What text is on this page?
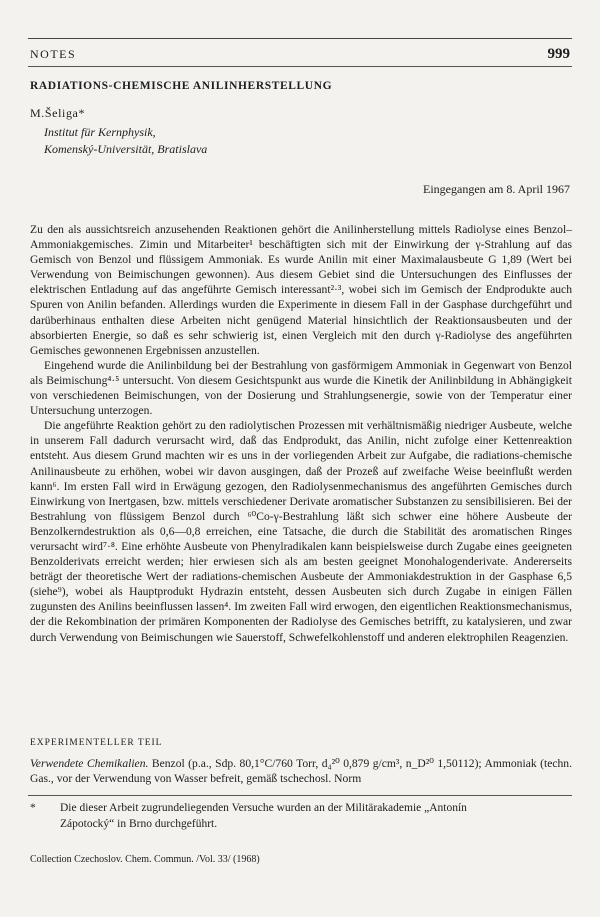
NOTES	999
RADIATIONS-CHEMISCHE ANILINHERSTELLUNG
M.Šeliga*
Institut für Kernphysik,
Komenský-Universität, Bratislava
Eingegangen am 8. April 1967

Zu den als aussichtsreich anzusehenden Reaktionen gehört die Anilinherstellung mittels Radiolyse eines Benzol–Ammoniakgemisches. Zimin und Mitarbeiter¹ beschäftigten sich mit der Einwirkung der γ-Strahlung auf das Gemisch von Benzol und flüssigem Ammoniak. Es wurde Anilin mit einer Maximalausbeute G 1,89 (Wert bei Verwendung von Beimischungen gewonnen). Aus diesem Gebiet sind die Untersuchungen des Einflusses der elektrischen Entladung auf das angeführte Gemisch interessant²·³, wobei sich im Gemisch der Endprodukte auch Spuren von Anilin befanden. Allerdings wurden die Experimente in diesem Fall in der Gasphase durchgeführt und darüberhinaus enthalten diese Arbeiten nicht genügend Material hinsichtlich der Reaktionsausbeuten und der absorbierten Energie, so daß es sehr schwierig ist, einen Vergleich mit den durch γ-Radiolyse des angeführten Gemisches gewonnenen Ergebnissen anzustellen.

Eingehend wurde die Anilinbildung bei der Bestrahlung von gasförmigem Ammoniak in Gegenwart von Benzol als Beimischung⁴·⁵ untersucht. Von diesem Gesichtspunkt aus wurde die Kinetik der Anilinbildung in Abhängigkeit von verschiedenen Beimischungen, von der Dosierung und Strahlungsenergie, sowie von der Temperatur einer Untersuchung unterzogen.

Die angeführte Reaktion gehört zu den radiolytischen Prozessen mit verhältnismäßig niedriger Ausbeute, welche in unserem Fall dadurch verursacht wird, daß das Endprodukt, das Anilin, nicht zufolge einer Kettenreaktion entsteht. Aus diesem Grund machten wir es uns in der vorliegenden Arbeit zur Aufgabe, die radiations-chemische Anilinausbeute zu erhöhen, wobei wir davon ausgingen, daß der Prozeß auf zweifache Weise beeinflußt werden kann⁶. Im ersten Fall wird in Erwägung gezogen, den Radiolysenmechanismus des angeführten Gemisches durch Einwirkung von Inertgasen, bzw. mittels verschiedener Derivate aromatischer Substanzen zu sensibilisieren. Bei der Bestrahlung von flüssigem Benzol durch ⁶⁰Co-γ-Bestrahlung läßt sich schwer eine höhere Ausbeute der Benzolkerndestruktion als 0,6—0,8 erreichen, eine Tatsache, die durch die Stabilität des aromatischen Ringes verursacht wird⁷·⁸. Eine erhöhte Ausbeute von Phenylradikalen kann beispielsweise durch Zugabe eines geeigneten Benzolderivats erreicht werden; hier erwiesen sich als am besten geeignet Monohalogenderivate. Andererseits beträgt der theoretische Wert der radiations-chemischen Ausbeute der Ammoniakdestruktion in der Gasphase 6,5 (siehe⁹), wobei als Hauptprodukt Hydrazin entsteht, dessen Ausbeuten sich durch Zugabe in einigen Fällen zugunsten des Anilins beeinflussen lassen⁴. Im zweiten Fall wird erwogen, den eigentlichen Reaktionsmechanismus, der die Rekombination der primären Komponenten der Radiolyse des Gemisches betrifft, zu katalysieren, und zwar durch Verwendung von Beimischungen wie Sauerstoff, Schwefelkohlenstoff und anderen elektrophilen Reagenzien.

EXPERIMENTELLER TEIL
Verwendete Chemikalien. Benzol (p.a., Sdp. 80,1°C/760 Torr, d₄²⁰ 0,879 g/cm³, n_D²⁰ 1,50112); Ammoniak (techn. Gas., vor der Verwendung von Wasser befreit, gemäß tschechosl. Norm
* Die dieser Arbeit zugrundeliegenden Versuche wurden an der Militärakademie „Antonín
Zápotocký“ in Brno durchgeführt.
Collection Czechoslov. Chem. Commun. /Vol. 33/ (1968)
